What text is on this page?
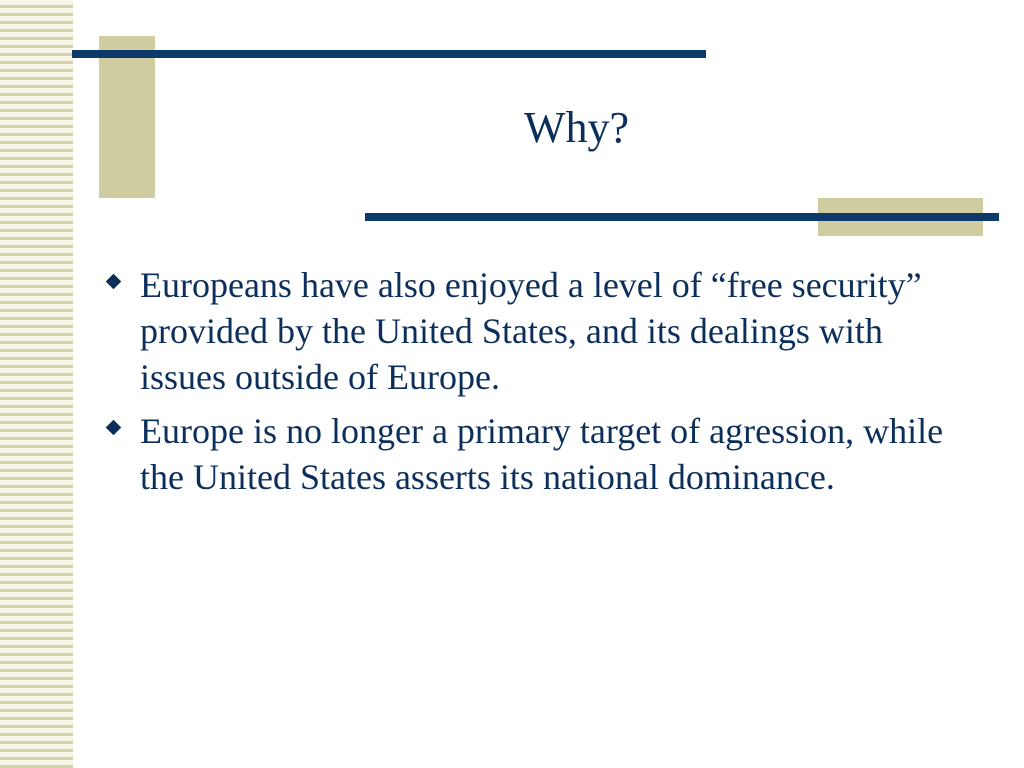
Why?
Europeans have also enjoyed a level of “free security” provided by the United States, and its dealings with issues outside of Europe.
Europe is no longer a primary target of agression, while the United States asserts its national dominance.
